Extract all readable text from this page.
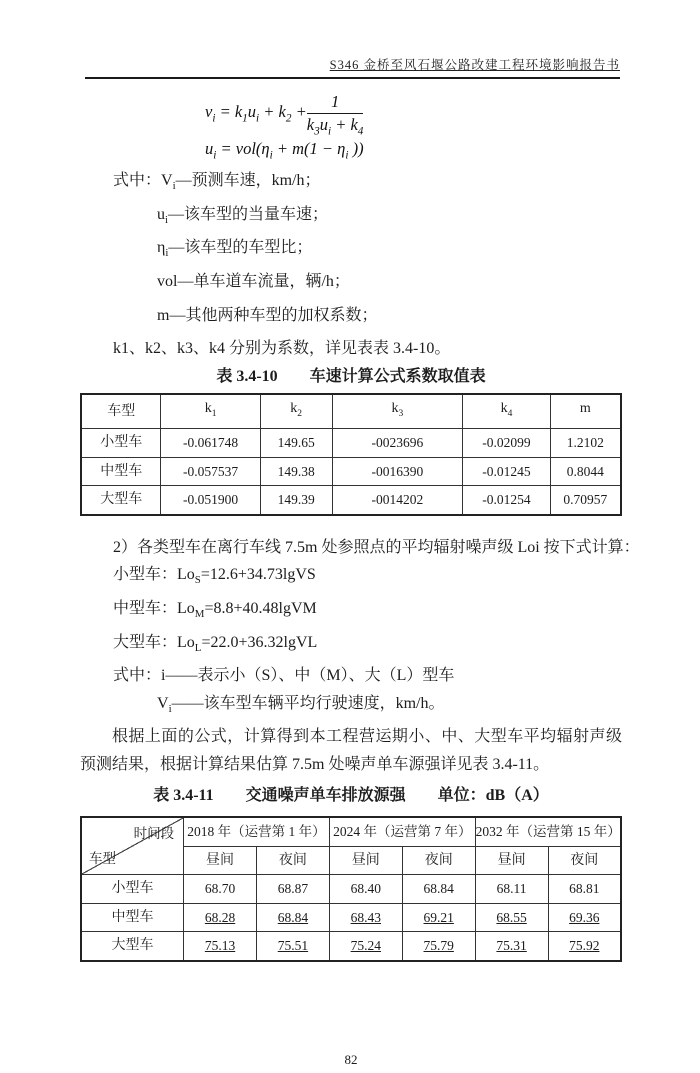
S346 金桥至风石堰公路改建工程环境影响报告书
$v_i = k_1u_i + k_2 + \frac{1}{k_3u_i + k_4}$
$u_i = vol(\eta_i + m(1 - \eta_i$ ))
式中：$V_i—$预测车速，km/h；
$u_i—$该车型的当量车速；
$\eta_i—$该车型的车型比；
vol—单车道车流量，辆/h；
m—其他两种车型的加权系数；
k1、k2、k3、k4 分别为系数，详见表表 3.4-10。
表 3.4-10　　车速计算公式系数取值表
车型	$k_1$	$k_2$	$k_3$	$k_4$	m
小型车	-0.061748	149.65	-0023696	-0.02099	1.2102
中型车	-0.057537	149.38	-0016390	-0.01245	0.8044
大型车	-0.051900	149.39	-0014202	-0.01254	0.70957
2）各类型车在离行车线 7.5m 处参照点的平均辐射噪声级 Loi 按下式计算：
小型车：$Lo_S=12.6+34.73lgVS$
中型车：$Lo_M=8.8+40.48lgVM$
大型车：$Lo_L=22.0+36.32lgVL$
式中：i——表示小（S）、中（M）、大（L）型车
$V_i——$该车型车辆平均行驶速度，km/h。
根据上面的公式，计算得到本工程营运期小、中、大型车平均辐射声级预测结果，根据计算结果估算 7.5m 处噪声单车源强详见表 3.4-11。
表 3.4-11　　交通噪声单车排放源强　　单位：dB（A）
时间段
车型	2018 年（运营第 1 年）		2024 年（运营第 7 年）		2032 年（运营第 15 年）	
	昼间	夜间	昼间	夜间	昼间	夜间
小型车	68.70	68.87	68.40	68.84	68.11	68.81
中型车	68.28	68.84	68.43	69.21	68.55	69.36
大型车	75.13	75.51	75.24	75.79	75.31	75.92
82
